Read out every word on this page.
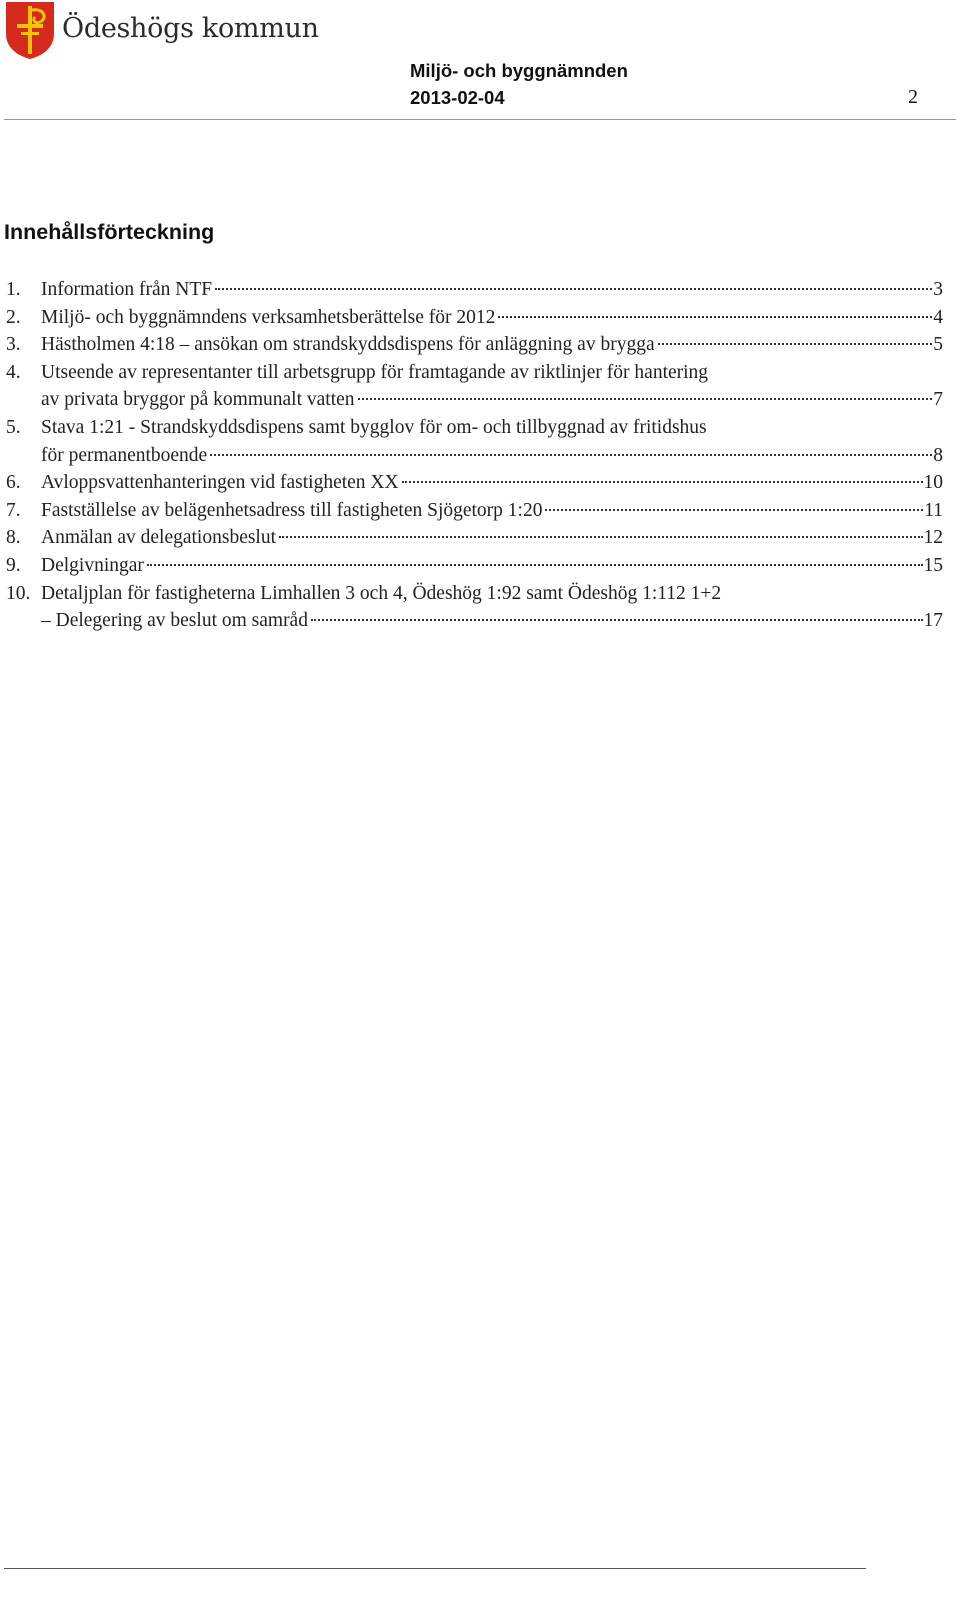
Ödeshögs kommun
Miljö- och byggnämnden
2013-02-04	2
Innehållsförteckning
1. Information från NTF	3
2. Miljö- och byggnämndens verksamhetsberättelse för 2012	4
3. Hästholmen 4:18 – ansökan om strandskyddsdispens för anläggning av brygga	5
4. Utseende av representanter till arbetsgrupp för framtagande av riktlinjer för hantering
av privata bryggor på kommunalt vatten	7
5. Stava 1:21 - Strandskyddsdispens samt bygglov för om- och tillbyggnad av fritidshus
för permanentboende	8
6. Avloppsvattenhanteringen vid fastigheten XX	10
7. Fastställelse av belägenhetsadress till fastigheten Sjögetorp 1:20	11
8. Anmälan av delegationsbeslut	12
9. Delgivningar	15
10. Detaljplan för fastigheterna Limhallen 3 och 4, Ödeshög 1:92 samt Ödeshög 1:112 1+2
– Delegering av beslut om samråd	17
